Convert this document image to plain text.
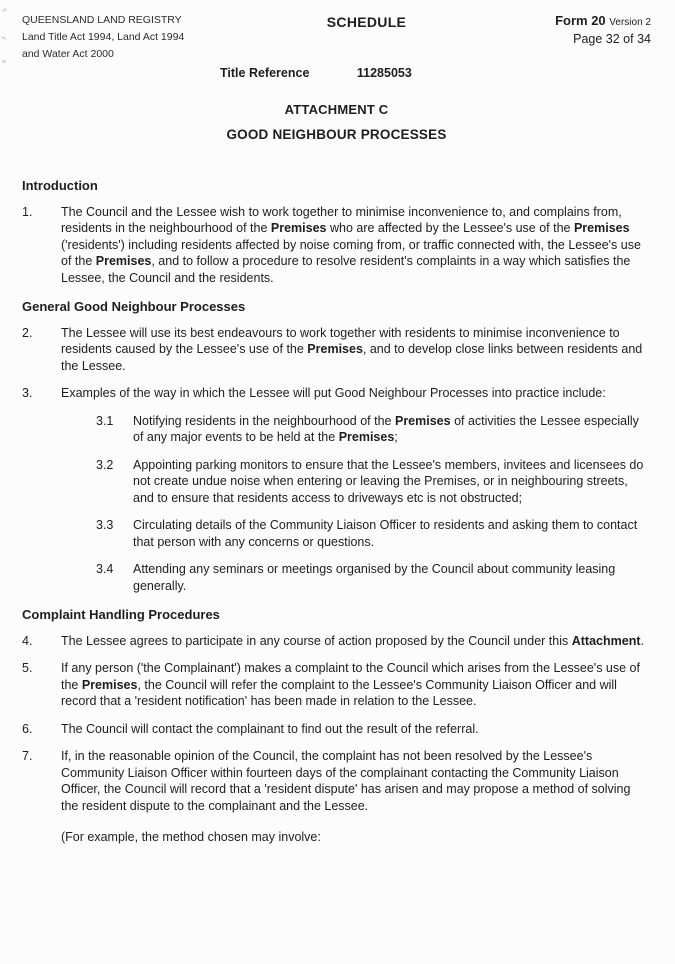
QUEENSLAND LAND REGISTRY
Land Title Act 1994, Land Act 1994
and Water Act 2000
SCHEDULE	Form 20 Version 2
Page 32 of 34
Title Reference	11285053
ATTACHMENT C
GOOD NEIGHBOUR PROCESSES
Introduction
1.	The Council and the Lessee wish to work together to minimise inconvenience to, and complains from, residents in the neighbourhood of the Premises who are affected by the Lessee's use of the Premises ('residents') including residents affected by noise coming from, or traffic connected with, the Lessee's use of the Premises, and to follow a procedure to resolve resident's complaints in a way which satisfies the Lessee, the Council and the residents.
General Good Neighbour Processes
2.	The Lessee will use its best endeavours to work together with residents to minimise inconvenience to residents caused by the Lessee's use of the Premises, and to develop close links between residents and the Lessee.
3.	Examples of the way in which the Lessee will put Good Neighbour Processes into practice include:
3.1	Notifying residents in the neighbourhood of the Premises of activities the Lessee especially of any major events to be held at the Premises;
3.2	Appointing parking monitors to ensure that the Lessee's members, invitees and licensees do not create undue noise when entering or leaving the Premises, or in neighbouring streets, and to ensure that residents access to driveways etc is not obstructed;
3.3	Circulating details of the Community Liaison Officer to residents and asking them to contact that person with any concerns or questions.
3.4	Attending any seminars or meetings organised by the Council about community leasing generally.
Complaint Handling Procedures
4.	The Lessee agrees to participate in any course of action proposed by the Council under this Attachment.
5.	If any person ('the Complainant') makes a complaint to the Council which arises from the Lessee's use of the Premises, the Council will refer the complaint to the Lessee's Community Liaison Officer and will record that a 'resident notification' has been made in relation to the Lessee.
6.	The Council will contact the complainant to find out the result of the referral.
7.	If, in the reasonable opinion of the Council, the complaint has not been resolved by the Lessee's Community Liaison Officer within fourteen days of the complainant contacting the Community Liaison Officer, the Council will record that a 'resident dispute' has arisen and may propose a method of solving the resident dispute to the complainant and the Lessee.
(For example, the method chosen may involve:
